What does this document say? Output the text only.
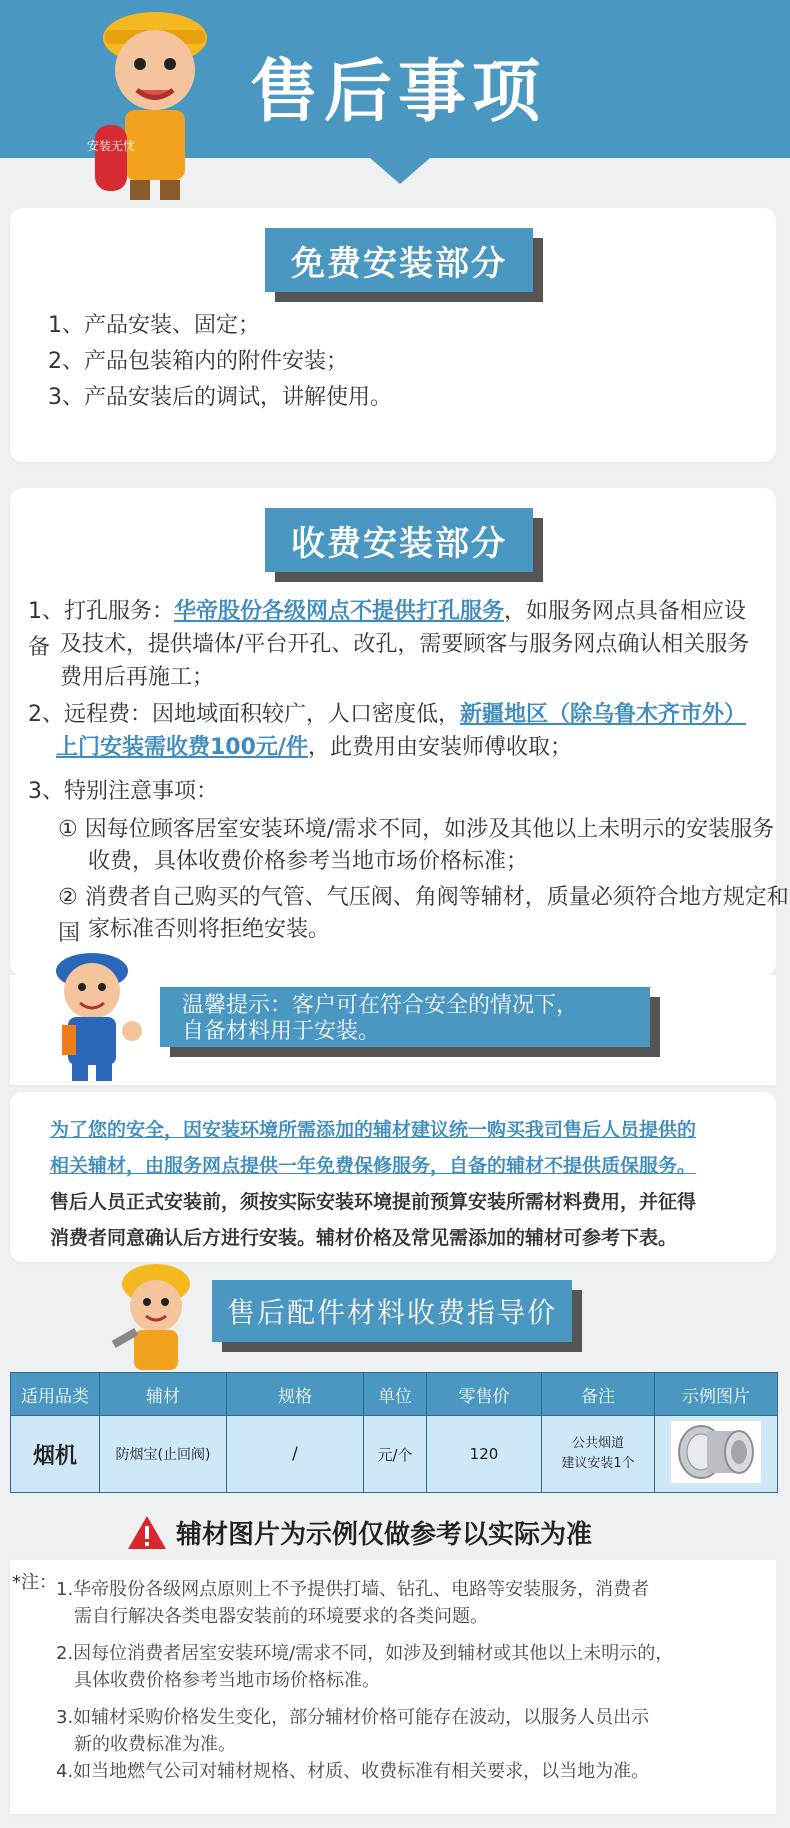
售后事项
安装无忧
免费安装部分
1、产品安装、固定；
2、产品包装箱内的附件安装；
3、产品安装后的调试，讲解使用。
收费安装部分
1、打孔服务：华帝股份各级网点不提供打孔服务，如服务网点具备相应设备 及技术，提供墙体/平台开孔、改孔，需要顾客与服务网点确认相关服务
费用后再施工；
2、远程费：因地域面积较广，人口密度低，新疆地区（除乌鲁木齐市外）
上门安装需收费100元/件，此费用由安装师傅收取；
3、特别注意事项：
① 因每位顾客居室安装环境/需求不同，如涉及其他以上未明示的安装服务
收费，具体收费价格参考当地市场价格标准；
② 消费者自己购买的气管、气压阀、角阀等辅材，质量必须符合地方规定和国 家标准否则将拒绝安装。
温馨提示：客户可在符合安全的情况下，
自备材料用于安装。
为了您的安全，因安装环境所需添加的辅材建议统一购买我司售后人员提供的
相关辅材，由服务网点提供一年免费保修服务，自备的辅材不提供质保服务。
售后人员正式安装前，须按实际安装环境提前预算安装所需材料费用，并征得
消费者同意确认后方进行安装。辅材价格及常见需添加的辅材可参考下表。
售后配件材料收费指导价
适用品类	辅材	规格	单位	零售价	备注	示例图片
烟机	防烟宝(止回阀)	/	元/个	120	公共烟道
建议安装1个

辅材图片为示例仅做参考以实际为准
*注： 1.华帝股份各级网点原则上不予提供打墙、钻孔、电路等安装服务，消费者
需自行解决各类电器安装前的环境要求的各类问题。
2.因每位消费者居室安装环境/需求不同，如涉及到辅材或其他以上未明示的，
具体收费价格参考当地市场价格标准。
3.如辅材采购价格发生变化，部分辅材价格可能存在波动，以服务人员出示
新的收费标准为准。
4.如当地燃气公司对辅材规格、材质、收费标准有相关要求，以当地为准。
